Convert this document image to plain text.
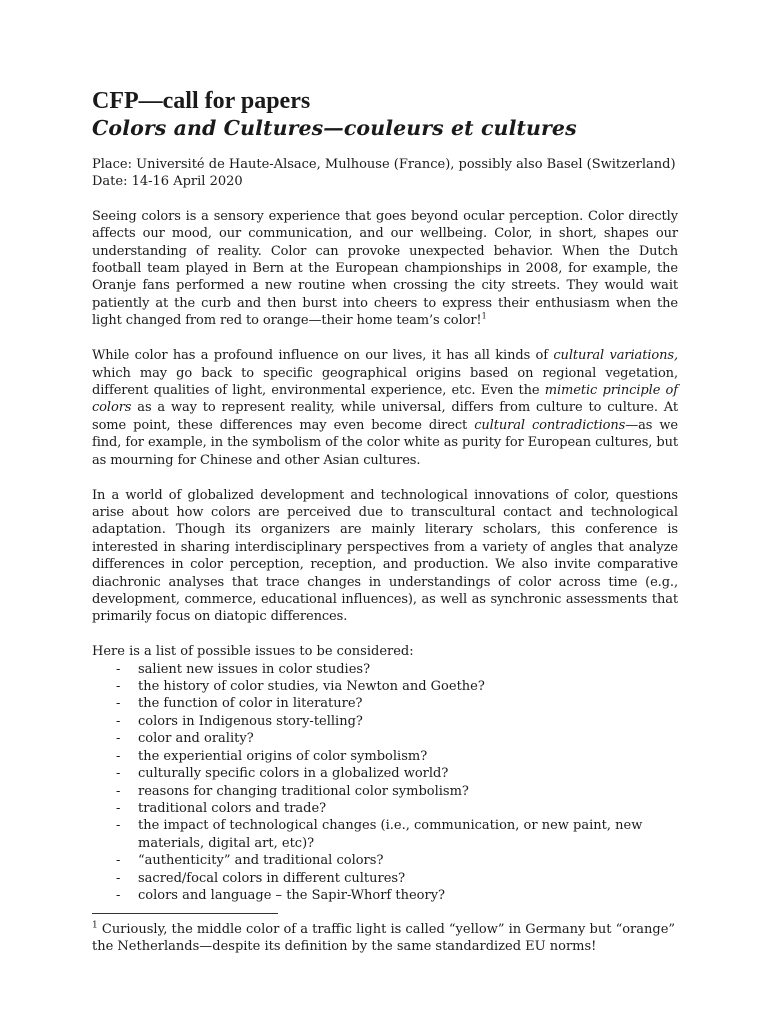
CFP—call for papers
Colors and Cultures—couleurs et cultures
Place: Université de Haute-Alsace, Mulhouse (France), possibly also Basel (Switzerland)
Date: 14-16 April 2020

Seeing colors is a sensory experience that goes beyond ocular perception. Color directly affects our mood, our communication, and our wellbeing. Color, in short, shapes our understanding of reality. Color can provoke unexpected behavior. When the Dutch football team played in Bern at the European championships in 2008, for example, the Oranje fans performed a new routine when crossing the city streets. They would wait patiently at the curb and then burst into cheers to express their enthusiasm when the light changed from red to orange—their home team’s color!$^1$

While color has a profound influence on our lives, it has all kinds of cultural variations, which may go back to specific geographical origins based on regional vegetation, different qualities of light, environmental experience, etc. Even the mimetic principle of colors as a way to represent reality, while universal, differs from culture to culture. At some point, these differences may even become direct cultural contradictions—as we find, for example, in the symbolism of the color white as purity for European cultures, but as mourning for Chinese and other Asian cultures.

In a world of globalized development and technological innovations of color, questions arise about how colors are perceived due to transcultural contact and technological adaptation. Though its organizers are mainly literary scholars, this conference is interested in sharing interdisciplinary perspectives from a variety of angles that analyze differences in color perception, reception, and production. We also invite comparative diachronic analyses that trace changes in understandings of color across time (e.g., development, commerce, educational influences), as well as synchronic assessments that primarily focus on diatopic differences.

Here is a list of possible issues to be considered:
- salient new issues in color studies?
- the history of color studies, via Newton and Goethe?
- the function of color in literature?
- colors in Indigenous story-telling?
- color and orality?
- the experiential origins of color symbolism?
- culturally specific colors in a globalized world?
- reasons for changing traditional color symbolism?
- traditional colors and trade?
- the impact of technological changes (i.e., communication, or new paint, new materials, digital art, etc)?
- “authenticity” and traditional colors?
- sacred/focal colors in different cultures?
- colors and language – the Sapir-Whorf theory?

$^1$ Curiously, the middle color of a traffic light is called “yellow” in Germany but “orange” the Netherlands—despite its definition by the same standardized EU norms!
